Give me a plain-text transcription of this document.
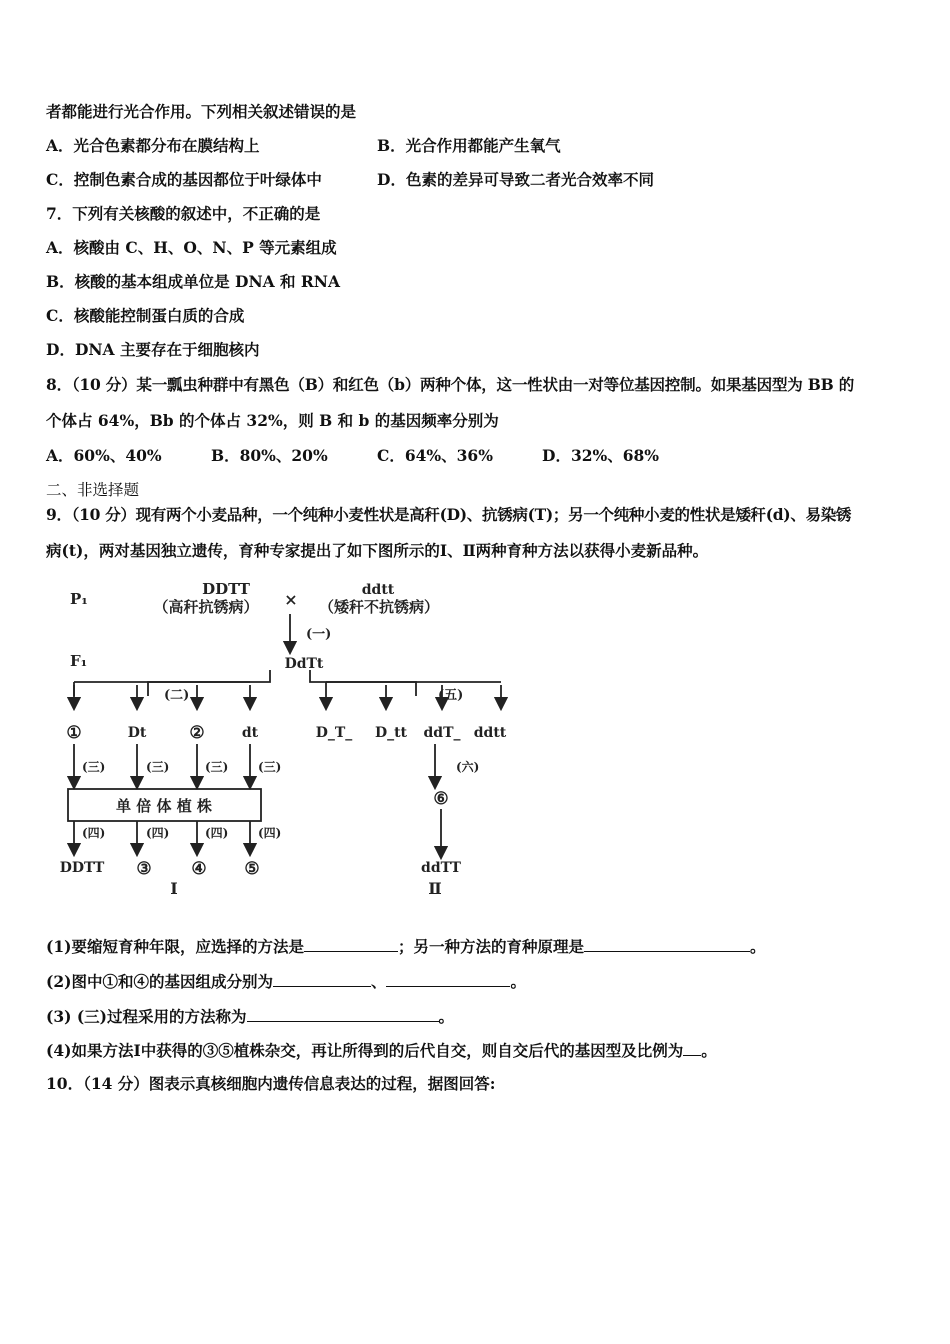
者都能进行光合作用。下列相关叙述错误的是
A．光合色素都分布在膜结构上	B．光合作用都能产生氧气
C．控制色素合成的基因都位于叶绿体中	D．色素的差异可导致二者光合效率不同
7．下列有关核酸的叙述中，不正确的是
A．核酸由 C、H、O、N、P 等元素组成
B．核酸的基本组成单位是 DNA 和 RNA
C．核酸能控制蛋白质的合成
D．DNA 主要存在于细胞核内
8．（10 分）某一瓢虫种群中有黑色（B）和红色（b）两种个体，这一性状由一对等位基因控制。如果基因型为 BB 的
个体占 64%，Bb 的个体占 32%，则 B 和 b 的基因频率分别为
A．60%、40%	B．80%、20%	C．64%、36%	D．32%、68%
二、非选择题
9．（10 分）现有两个小麦品种，一个纯种小麦性状是高秆(D)、抗锈病(T)；另一个纯种小麦的性状是矮秆(d)、易染锈
病(t)，两对基因独立遗传，育种专家提出了如下图所示的Ⅰ、Ⅱ两种育种方法以获得小麦新品种。
P₁
DDTT
（高秆抗锈病） ×	ddtt
（矮秆不抗锈病）
(一)
F₁	DdTt
(二)	(五)
①	Dt	②	dt	D_T_ D_tt ddT_ ddtt
(三)	(三)	(三) (三)	(六)
单 倍 体 植 株	⑥
(四)	(四)	(四) (四)
DDTT ③ ④ ⑤	ddTT
Ⅰ	Ⅱ
(1)要缩短育种年限，应选择的方法是	；另一种方法的育种原理是	。
(2)图中①和④的基因组成分别为	、	。
(3) (三)过程采用的方法称为	。
(4)如果方法Ⅰ中获得的③⑤植株杂交，再让所得到的后代自交，则自交后代的基因型及比例为 。
10．（14 分）图表示真核细胞内遗传信息表达的过程，据图回答:
